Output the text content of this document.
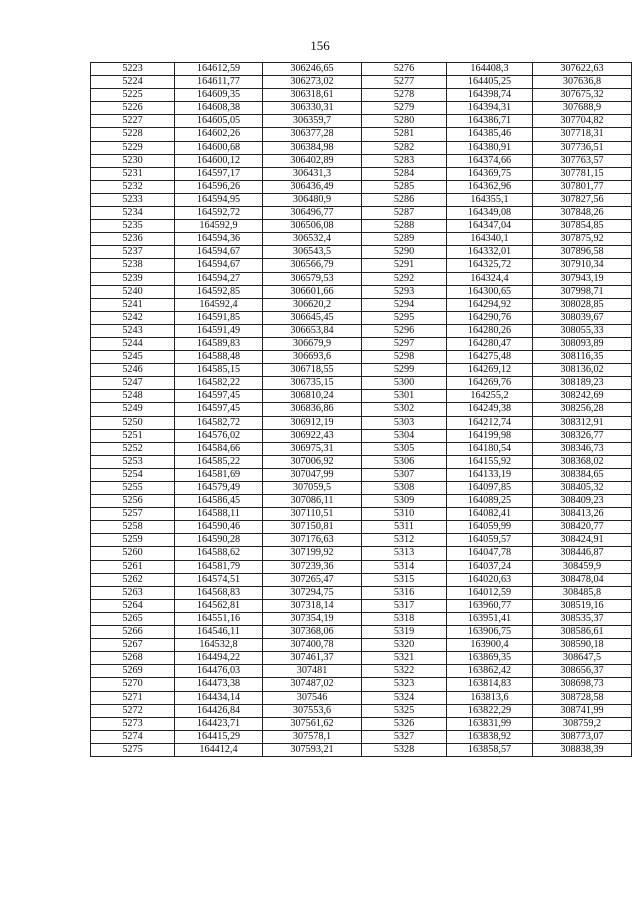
156
5223	164612,59	306246,65	5276	164408,3	307622,63
5224	164611,77	306273,02	5277	164405,25	307636,8
5225	164609,35	306318,61	5278	164398,74	307675,32
5226	164608,38	306330,31	5279	164394,31	307688,9
5227	164605,05	306359,7	5280	164386,71	307704,82
5228	164602,26	306377,28	5281	164385,46	307718,31
5229	164600,68	306384,98	5282	164380,91	307736,51
5230	164600,12	306402,89	5283	164374,66	307763,57
5231	164597,17	306431,3	5284	164369,75	307781,15
5232	164596,26	306436,49	5285	164362,96	307801,77
5233	164594,95	306480,9	5286	164355,1	307827,56
5234	164592,72	306496,77	5287	164349,08	307848,26
5235	164592,9	306506,08	5288	164347,04	307854,85
5236	164594,36	306532,4	5289	164340,1	307875,92
5237	164594,67	306543,5	5290	164332,01	307896,58
5238	164594,67	306566,79	5291	164325,72	307910,34
5239	164594,27	306579,53	5292	164324,4	307943,19
5240	164592,85	306601,66	5293	164300,65	307998,71
5241	164592,4	306620,2	5294	164294,92	308028,85
5242	164591,85	306645,45	5295	164290,76	308039,67
5243	164591,49	306653,84	5296	164280,26	308055,33
5244	164589,83	306679,9	5297	164280,47	308093,89
5245	164588,48	306693,6	5298	164275,48	308116,35
5246	164585,15	306718,55	5299	164269,12	308136,02
5247	164582,22	306735,15	5300	164269,76	308189,23
5248	164597,45	306810,24	5301	164255,2	308242,69
5249	164597,45	306836,86	5302	164249,38	308256,28
5250	164582,72	306912,19	5303	164212,74	308312,91
5251	164576,02	306922,43	5304	164199,98	308326,77
5252	164584,66	306975,31	5305	164180,54	308346,73
5253	164585,22	307006,92	5306	164155,92	308368,02
5254	164581,69	307047,99	5307	164133,19	308384,65
5255	164579,49	307059,5	5308	164097,85	308405,32
5256	164586,45	307086,11	5309	164089,25	308409,23
5257	164588,11	307110,51	5310	164082,41	308413,26
5258	164590,46	307150,81	5311	164059,99	308420,77
5259	164590,28	307176,63	5312	164059,57	308424,91
5260	164588,62	307199,92	5313	164047,78	308446,87
5261	164581,79	307239,36	5314	164037,24	308459,9
5262	164574,51	307265,47	5315	164020,63	308478,04
5263	164568,83	307294,75	5316	164012,59	308485,8
5264	164562,81	307318,14	5317	163960,77	308519,16
5265	164551,16	307354,19	5318	163951,41	308535,37
5266	164546,11	307368,06	5319	163906,75	308586,61
5267	164532,8	307400,78	5320	163900,4	308590,18
5268	164494,22	307461,37	5321	163869,35	308647,5
5269	164476,03	307481	5322	163862,42	308656,37
5270	164473,38	307487,02	5323	163814,83	308698,73
5271	164434,14	307546	5324	163813,6	308728,58
5272	164426,84	307553,6	5325	163822,29	308741,99
5273	164423,71	307561,62	5326	163831,99	308759,2
5274	164415,29	307578,1	5327	163838,92	308773,07
5275	164412,4	307593,21	5328	163858,57	308838,39
